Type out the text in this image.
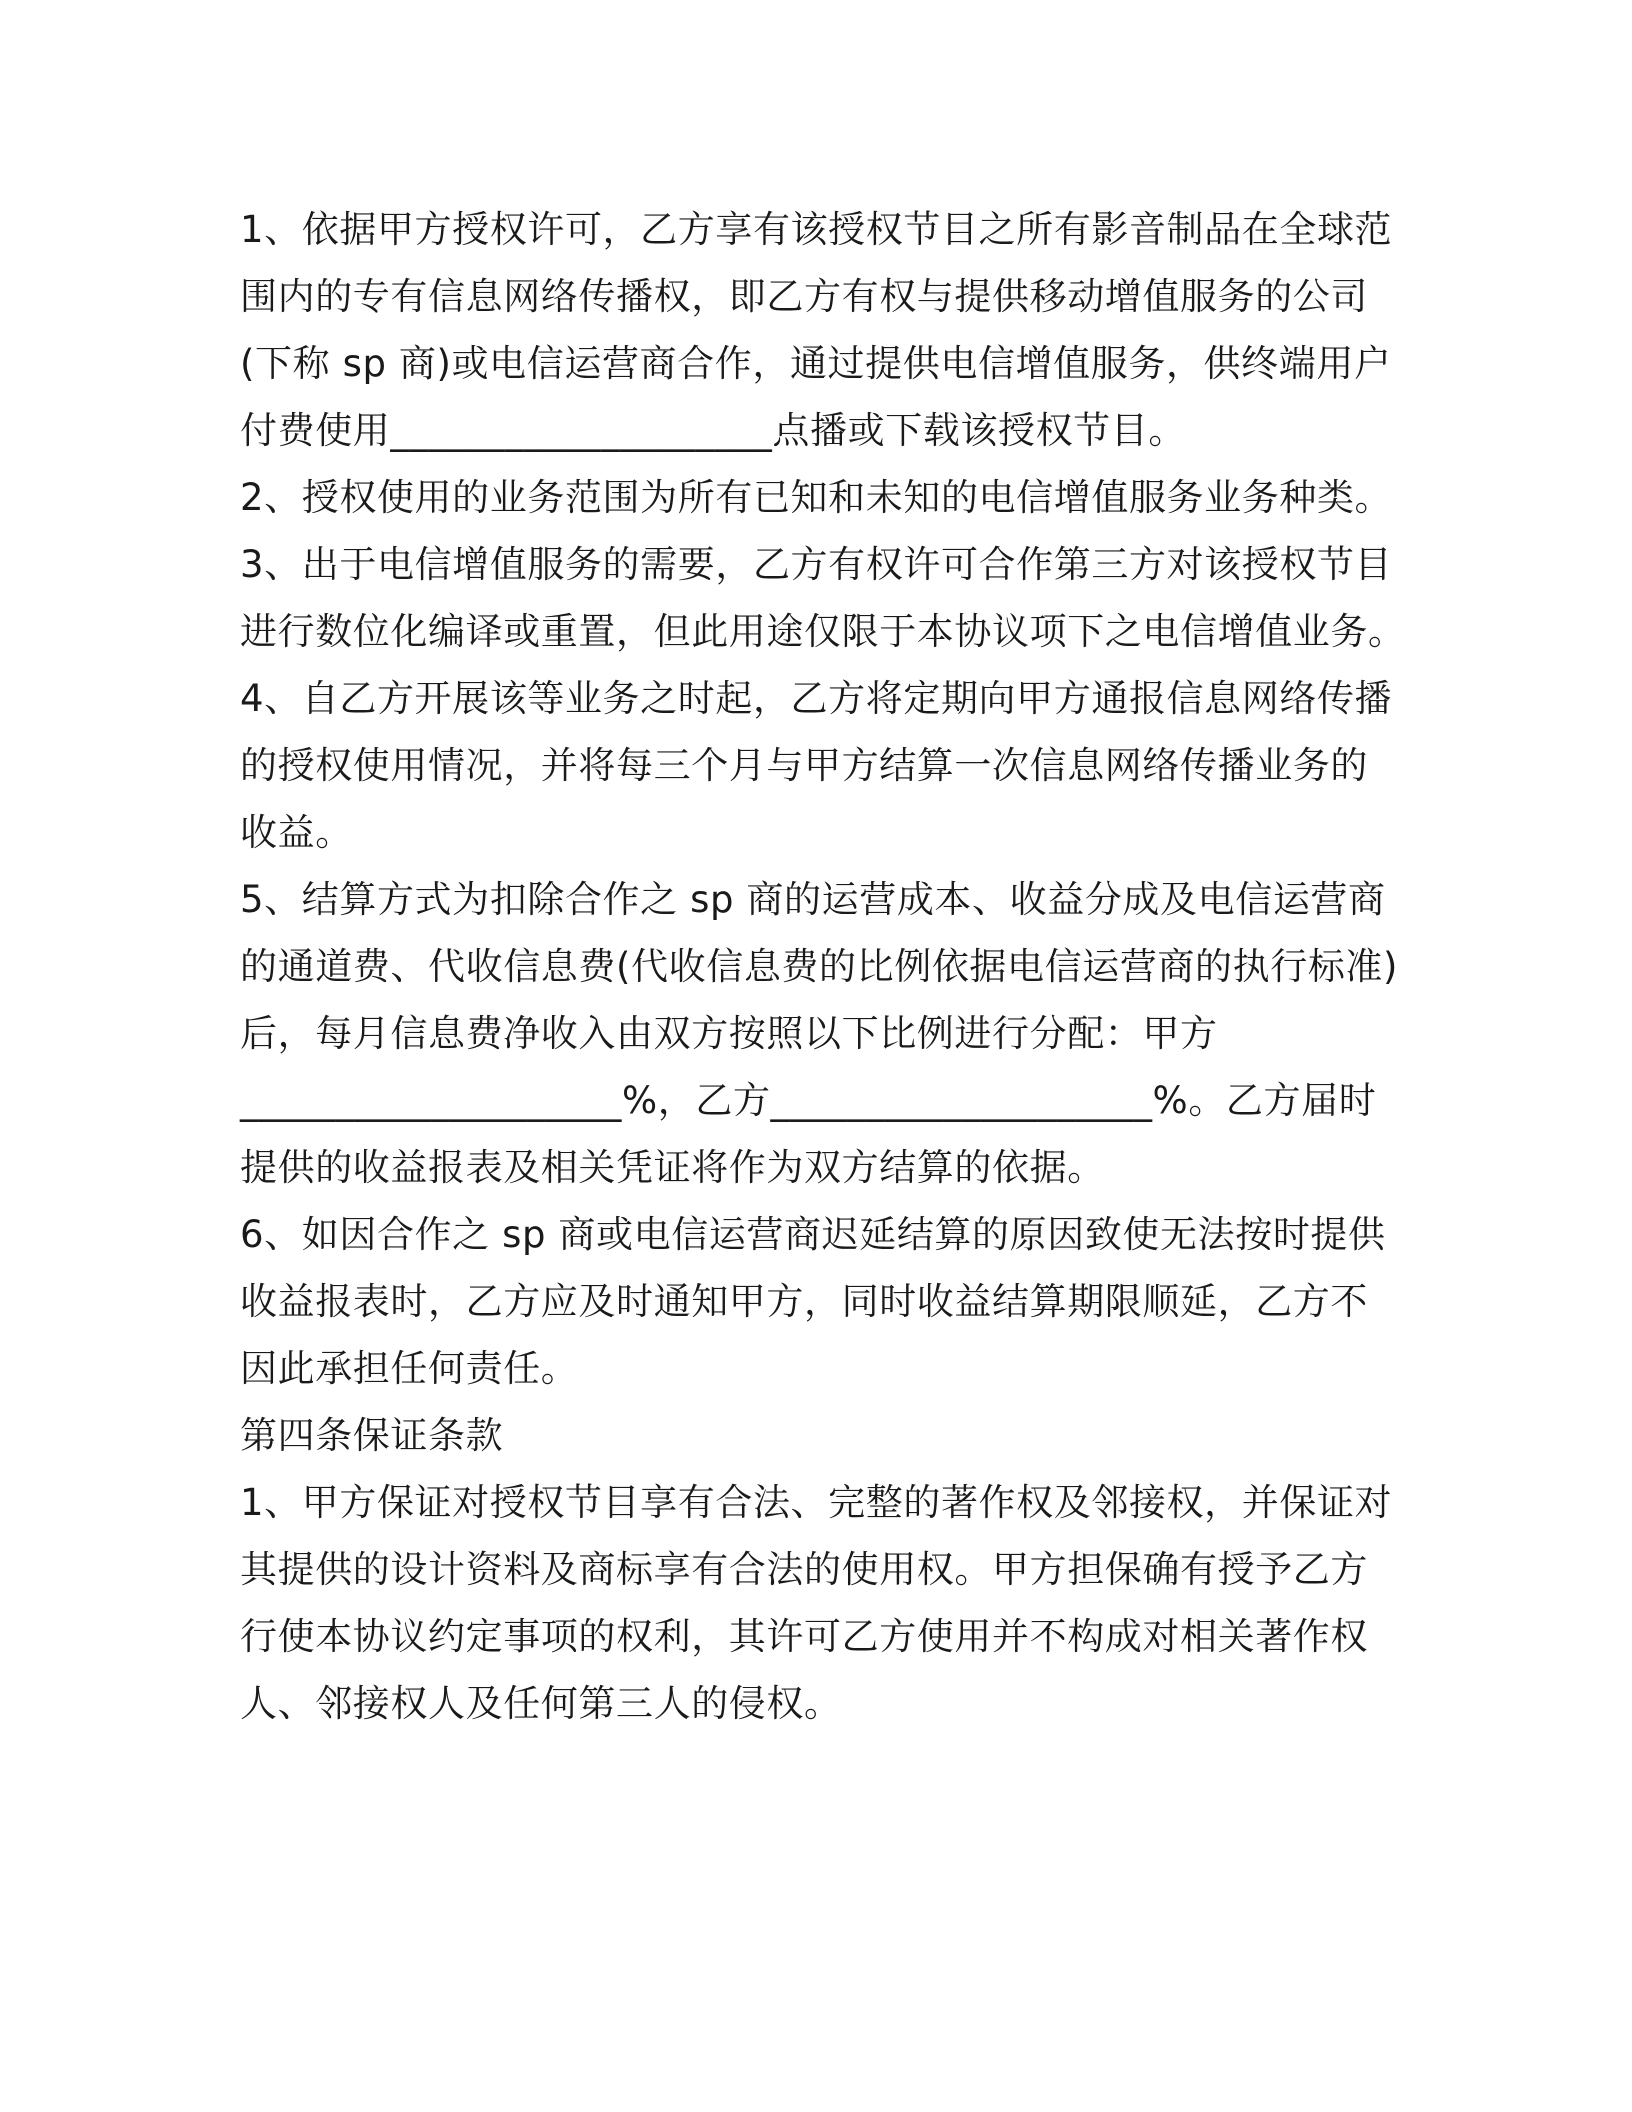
1、依据甲方授权许可，乙方享有该授权节目之所有影音制品在全球范
围内的专有信息网络传播权，即乙方有权与提供移动增值服务的公司
(下称 sp 商)或电信运营商合作，通过提供电信增值服务，供终端用户
付费使用____________________点播或下载该授权节目。

2、授权使用的业务范围为所有已知和未知的电信增值服务业务种类。

3、出于电信增值服务的需要，乙方有权许可合作第三方对该授权节目
进行数位化编译或重置，但此用途仅限于本协议项下之电信增值业务。

4、自乙方开展该等业务之时起，乙方将定期向甲方通报信息网络传播
的授权使用情况，并将每三个月与甲方结算一次信息网络传播业务的
收益。

5、结算方式为扣除合作之 sp 商的运营成本、收益分成及电信运营商
的通道费、代收信息费(代收信息费的比例依据电信运营商的执行标准)
后，每月信息费净收入由双方按照以下比例进行分配：甲方
____________________%，乙方____________________%。乙方届时
提供的收益报表及相关凭证将作为双方结算的依据。

6、如因合作之 sp 商或电信运营商迟延结算的原因致使无法按时提供
收益报表时，乙方应及时通知甲方，同时收益结算期限顺延，乙方不
因此承担任何责任。

第四条保证条款

1、甲方保证对授权节目享有合法、完整的著作权及邻接权，并保证对
其提供的设计资料及商标享有合法的使用权。甲方担保确有授予乙方
行使本协议约定事项的权利，其许可乙方使用并不构成对相关著作权
人、邻接权人及任何第三人的侵权。
